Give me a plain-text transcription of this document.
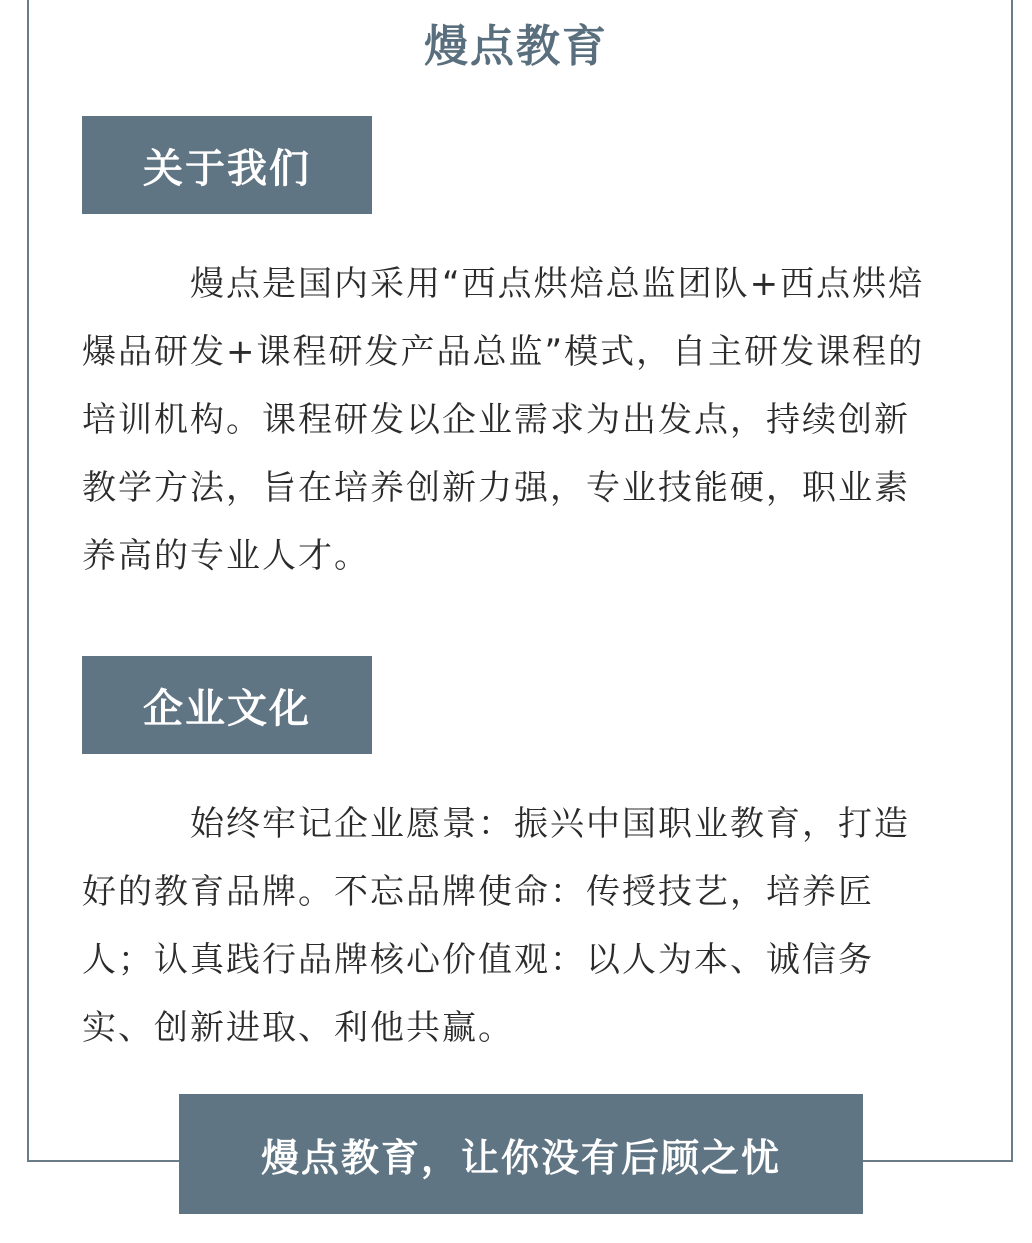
熳点教育
关于我们

熳点是国内采用“西点烘焙总监团队+西点烘焙爆品研发+课程研发产品总监”模式，自主研发课程的培训机构。课程研发以企业需求为出发点，持续创新教学方法，旨在培养创新力强，专业技能硬，职业素养高的专业人才。

企业文化

始终牢记企业愿景：振兴中国职业教育，打造好的教育品牌。不忘品牌使命：传授技艺，培养匠人；认真践行品牌核心价值观：以人为本、诚信务实、创新进取、利他共赢。

熳点教育，让你没有后顾之忧
